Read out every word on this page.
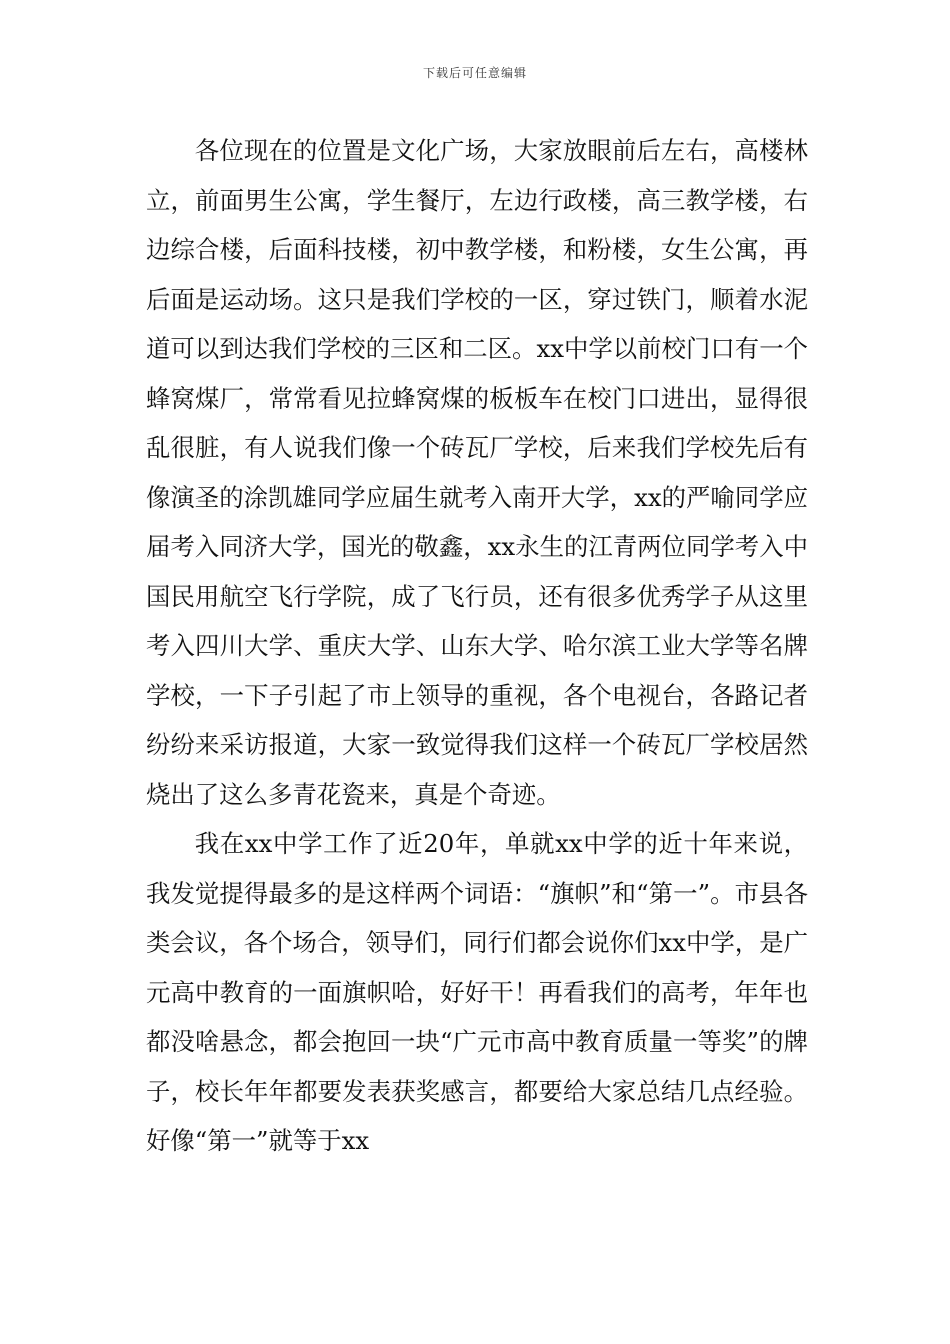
下载后可任意编辑

各位现在的位置是文化广场，大家放眼前后左右，高楼林立，前面男生公寓，学生餐厅，左边行政楼，高三教学楼，右边综合楼，后面科技楼，初中教学楼，和粉楼，女生公寓，再后面是运动场。这只是我们学校的一区，穿过铁门，顺着水泥道可以到达我们学校的三区和二区。xx中学以前校门口有一个蜂窝煤厂，常常看见拉蜂窝煤的板板车在校门口进出，显得很乱很脏，有人说我们像一个砖瓦厂学校，后来我们学校先后有像演圣的涂凯雄同学应届生就考入南开大学，xx的严喻同学应届考入同济大学，国光的敬鑫，xx永生的江青两位同学考入中国民用航空飞行学院，成了飞行员，还有很多优秀学子从这里考入四川大学、重庆大学、山东大学、哈尔滨工业大学等名牌学校，一下子引起了市上领导的重视，各个电视台，各路记者纷纷来采访报道，大家一致觉得我们这样一个砖瓦厂学校居然烧出了这么多青花瓷来，真是个奇迹。

我在xx中学工作了近20年，单就xx中学的近十年来说，我发觉提得最多的是这样两个词语：“旗帜”和“第一”。市县各类会议，各个场合，领导们，同行们都会说你们xx中学，是广元高中教育的一面旗帜哈，好好干！再看我们的高考，年年也都没啥悬念，都会抱回一块“广元市高中教育质量一等奖”的牌子，校长年年都要发表获奖感言，都要给大家总结几点经验。好像“第一”就等于xx
